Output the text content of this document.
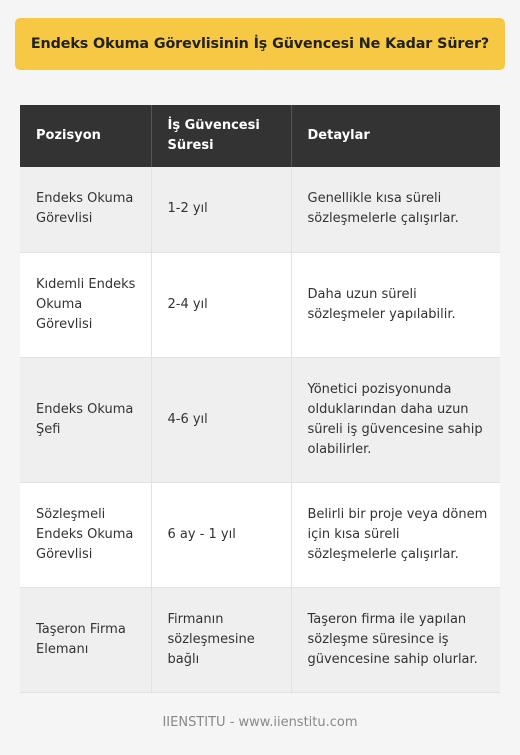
Endeks Okuma Görevlisinin İş Güvencesi Ne Kadar Sürer?
Pozisyon	İş Güvencesi Süresi	Detaylar
Endeks Okuma Görevlisi	1-2 yıl	Genellikle kısa süreli sözleşmelerle çalışırlar.
Kıdemli Endeks Okuma Görevlisi	2-4 yıl	Daha uzun süreli sözleşmeler yapılabilir.
Endeks Okuma Şefi	4-6 yıl	Yönetici pozisyonunda olduklarından daha uzun süreli iş güvencesine sahip olabilirler.
Sözleşmeli Endeks Okuma Görevlisi	6 ay - 1 yıl	Belirli bir proje veya dönem için kısa süreli sözleşmelerle çalışırlar.
Taşeron Firma Elemanı	Firmanın sözleşmesine bağlı	Taşeron firma ile yapılan sözleşme süresince iş güvencesine sahip olurlar.
IIENSTITU - www.iienstitu.com
